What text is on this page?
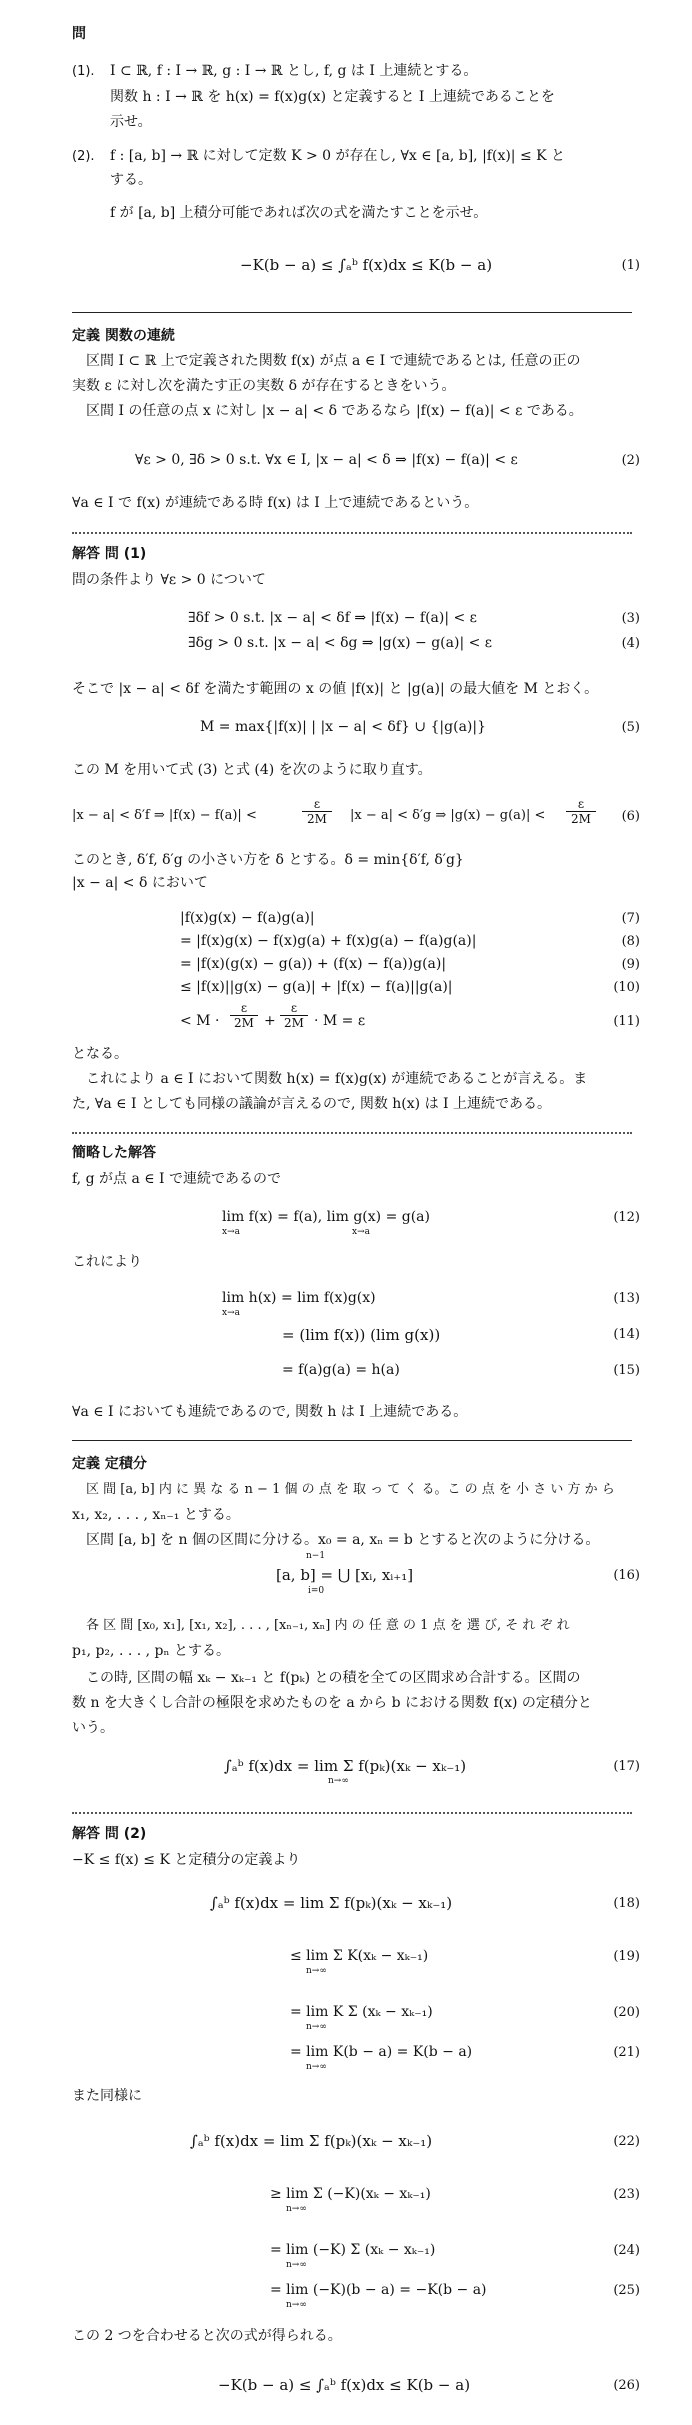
問
(1). I ⊂ ℝ, f : I → ℝ, g : I → ℝ とし, f, g は I 上連続とする。
関数 h : I → ℝ を h(x) = f(x)g(x) と定義すると I 上連続であることを
示せ。
(2). f : [a, b] → ℝ に対して定数 K > 0 が存在し, ∀x ∈ [a, b], |f(x)| ≤ K と
する。
f が [a, b] 上積分可能であれば次の式を満たすことを示せ。
−K(b − a) ≤ ∫ₐᵇ f(x)dx ≤ K(b − a)	(1)
定義 関数の連続
区間 I ⊂ ℝ 上で定義された関数 f(x) が点 a ∈ I で連続であるとは, 任意の正の
実数 ε に対し次を満たす正の実数 δ が存在するときをいう。
区間 I の任意の点 x に対し |x − a| < δ であるなら |f(x) − f(a)| < ε である。
∀ε > 0, ∃δ > 0 s.t. ∀x ∈ I, |x − a| < δ ⇒ |f(x) − f(a)| < ε	(2)
∀a ∈ I で f(x) が連続である時 f(x) は I 上で連続であるという。
解答 問 (1)
問の条件より ∀ε > 0 について
∃δf > 0 s.t. |x − a| < δf ⇒ |f(x) − f(a)| < ε	(3)
∃δg > 0 s.t. |x − a| < δg ⇒ |g(x) − g(a)| < ε	(4)
そこで |x − a| < δf を満たす範囲の x の値 |f(x)| と |g(a)| の最大値を M とおく。
M = max{|f(x)| | |x − a| < δf} ∪ {|g(a)|}	(5)
この M を用いて式 (3) と式 (4) を次のように取り直す。
|x − a| < δ′f ⇒ |f(x) − f(a)| <	$\frac{\varepsilon}{2M} |x - a| < \delta'g$ ⇒ $|g(x) - g(a)| < \frac{\varepsilon}{2M} (6)$
このとき, δ′f, δ′g の小さい方を δ とする。δ = min{δ′f, δ′g}
|x − a| < δ において
|f(x)g(x) − f(a)g(a)|	(7)
= |f(x)g(x) − f(x)g(a) + f(x)g(a) − f(a)g(a)|	(8)
= |f(x)(g(x) − g(a)) + (f(x) − f(a))g(a)|	(9)
≤ |f(x)||g(x) − g(a)| + |f(x) − f(a)||g(a)|	(10)
< $M \cdot \frac{\varepsilon}{2M} + \frac{\varepsilon}{2M} \cdot M = \varepsilon$	(11)
となる。
これにより a ∈ I において関数 h(x) = f(x)g(x) が連続であることが言える。ま
た, ∀a ∈ I としても同様の議論が言えるので, 関数 h(x) は I 上連続である。
簡略した解答
f, g が点 a ∈ I で連続であるので
lim f(x) = f(a), lim g(x) = g(a)
x→a	x→a
(12)
これにより
lim h(x) = lim f(x)g(x)
x→a
(13)
= (lim f(x)) (lim g(x))	(14)
= f(a)g(a) = h(a)	(15)
∀a ∈ I においても連続であるので, 関数 h は I 上連続である。
定義 定積分
区 間 [a, b] 内 に 異 な る n − 1 個 の 点 を 取 っ て く る。こ の 点 を 小 さ い 方 か ら
x₁, x₂, . . . , xₙ₋₁ とする。
区間 [a, b] を n 個の区間に分ける。x₀ = a, xₙ = b とすると次のように分ける。
n−1
[a, b] = ⋃ [xᵢ, xᵢ₊₁]
i=0
(16)
各 区 間 [x₀, x₁], [x₁, x₂], . . . , [xₙ₋₁, xₙ] 内 の 任 意 の 1 点 を 選 び, そ れ ぞ れ
p₁, p₂, . . . , pₙ とする。
この時, 区間の幅 xₖ − xₖ₋₁ と f(pₖ) との積を全ての区間求め合計する。区間の
数 n を大きくし合計の極限を求めたものを a から b における関数 f(x) の定積分と
いう。
∫ₐᵇ f(x)dx = lim Σ f(pₖ)(xₖ − xₖ₋₁)
n→∞
(17)
解答 問 (2)
−K ≤ f(x) ≤ K と定積分の定義より
∫ₐᵇ f(x)dx = lim Σ f(pₖ)(xₖ − xₖ₋₁)	(18)
≤ lim Σ K(xₖ − xₖ₋₁)
n→∞
(19)
= lim K Σ (xₖ − xₖ₋₁)
n→∞
(20)
= lim K(b − a) = K(b − a)
n→∞
(21)
また同様に
∫ₐᵇ f(x)dx = lim Σ f(pₖ)(xₖ − xₖ₋₁)	(22)
≥ lim Σ (−K)(xₖ − xₖ₋₁)
n→∞
(23)
= lim (−K) Σ (xₖ − xₖ₋₁)
n→∞
(24)
= lim (−K)(b − a) = −K(b − a)
n→∞
(25)
この 2 つを合わせると次の式が得られる。
−K(b − a) ≤ ∫ₐᵇ f(x)dx ≤ K(b − a)	(26)
